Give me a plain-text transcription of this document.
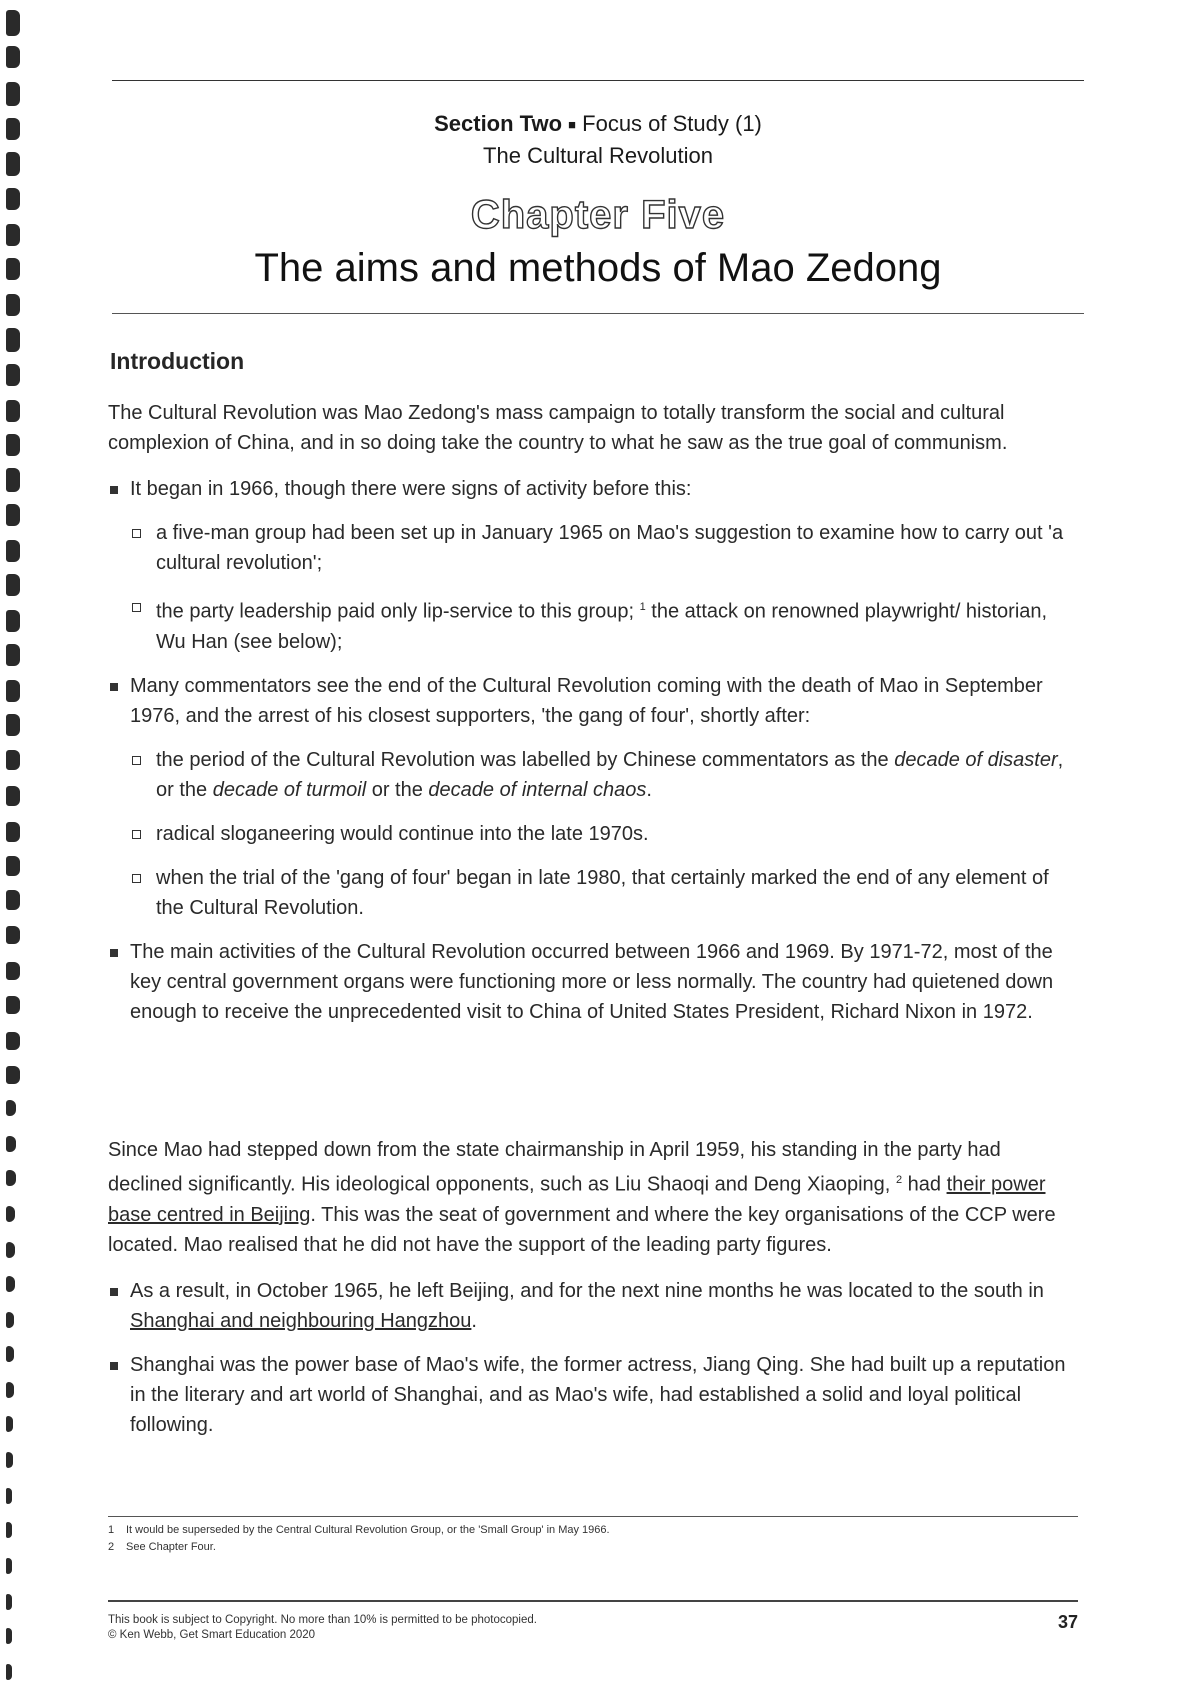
Section Two ■ Focus of Study (1)
The Cultural Revolution
Chapter Five
The aims and methods of Mao Zedong
Introduction

The Cultural Revolution was Mao Zedong's mass campaign to totally transform the social and cultural complexion of China, and in so doing take the country to what he saw as the true goal of communism.

It began in 1966, though there were signs of activity before this:

a five-man group had been set up in January 1965 on Mao's suggestion to examine how to carry out 'a cultural revolution';

the party leadership paid only lip-service to this group; $^1$ the attack on renowned playwright/ historian, Wu Han (see below);

Many commentators see the end of the Cultural Revolution coming with the death of Mao in September 1976, and the arrest of his closest supporters, 'the gang of four', shortly after:

the period of the Cultural Revolution was labelled by Chinese commentators as the decade of disaster, or the decade of turmoil or the decade of internal chaos.

radical sloganeering would continue into the late 1970s.

when the trial of the 'gang of four' began in late 1980, that certainly marked the end of any element of the Cultural Revolution.

The main activities of the Cultural Revolution occurred between 1966 and 1969. By 1971-72, most of the key central government organs were functioning more or less normally. The country had quietened down enough to receive the unprecedented visit to China of United States President, Richard Nixon in 1972.

Since Mao had stepped down from the state chairmanship in April 1959, his standing in the party had declined significantly. His ideological opponents, such as Liu Shaoqi and Deng Xiaoping, $^2$ had their power base centred in Beijing. This was the seat of government and where the key organisations of the CCP were located. Mao realised that he did not have the support of the leading party figures.

As a result, in October 1965, he left Beijing, and for the next nine months he was located to the south in Shanghai and neighbouring Hangzhou.

Shanghai was the power base of Mao's wife, the former actress, Jiang Qing. She had built up a reputation in the literary and art world of Shanghai, and as Mao's wife, had established a solid and loyal political following.

1 It would be superseded by the Central Cultural Revolution Group, or the 'Small Group' in May 1966.
2 See Chapter Four.
This book is subject to Copyright. No more than 10% is permitted to be photocopied.
© Ken Webb, Get Smart Education 2020
37
